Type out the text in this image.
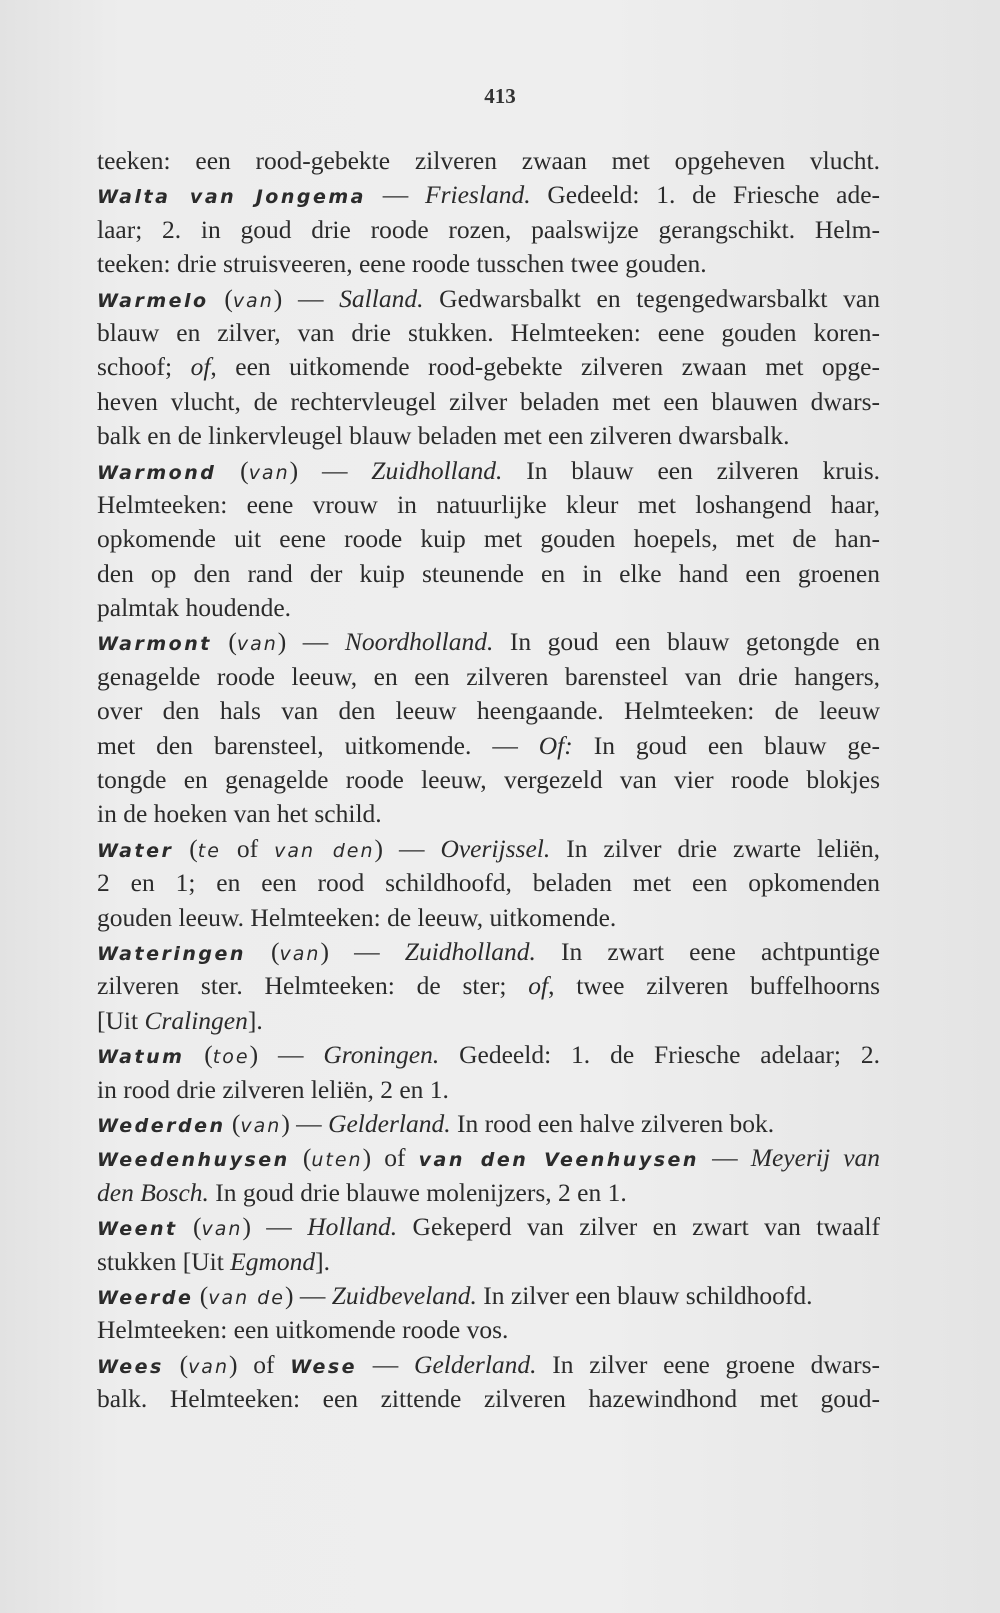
413
teeken: een rood-gebekte zilveren zwaan met opgeheven vlucht.
Walta van Jongema — Friesland. Gedeeld: 1. de Friesche ade-
laar; 2. in goud drie roode rozen, paalswijze gerangschikt. Helm-
teeken: drie struisveeren, eene roode tusschen twee gouden.
Warmelo (van) — Salland. Gedwarsbalkt en tegengedwarsbalkt van
blauw en zilver, van drie stukken. Helmteeken: eene gouden koren-
schoof; of, een uitkomende rood-gebekte zilveren zwaan met opge-
heven vlucht, de rechtervleugel zilver beladen met een blauwen dwars-
balk en de linkervleugel blauw beladen met een zilveren dwarsbalk.
Warmond (van) — Zuidholland. In blauw een zilveren kruis.
Helmteeken: eene vrouw in natuurlijke kleur met loshangend haar,
opkomende uit eene roode kuip met gouden hoepels, met de han-
den op den rand der kuip steunende en in elke hand een groenen
palmtak houdende.
Warmont (van) — Noordholland. In goud een blauw getongde en
genagelde roode leeuw, en een zilveren barensteel van drie hangers,
over den hals van den leeuw heengaande. Helmteeken: de leeuw
met den barensteel, uitkomende. — Of: In goud een blauw ge-
tongde en genagelde roode leeuw, vergezeld van vier roode blokjes
in de hoeken van het schild.
Water (te of van den) — Overijssel. In zilver drie zwarte leliën,
2 en 1; en een rood schildhoofd, beladen met een opkomenden
gouden leeuw. Helmteeken: de leeuw, uitkomende.
Wateringen (van) — Zuidholland. In zwart eene achtpuntige
zilveren ster. Helmteeken: de ster; of, twee zilveren buffelhoorns
[Uit Cralingen].
Watum (toe) — Groningen. Gedeeld: 1. de Friesche adelaar; 2.
in rood drie zilveren leliën, 2 en 1.
Wederden (van) — Gelderland. In rood een halve zilveren bok.
Weedenhuysen (uten) of van den Veenhuysen — Meyerij van
den Bosch. In goud drie blauwe molenijzers, 2 en 1.
Weent (van) — Holland. Gekeperd van zilver en zwart van twaalf
stukken [Uit Egmond].
Weerde (van de) — Zuidbeveland. In zilver een blauw schildhoofd.
Helmteeken: een uitkomende roode vos.
Wees (van) of Wese — Gelderland. In zilver eene groene dwars-
balk. Helmteeken: een zittende zilveren hazewindhond met goud-
